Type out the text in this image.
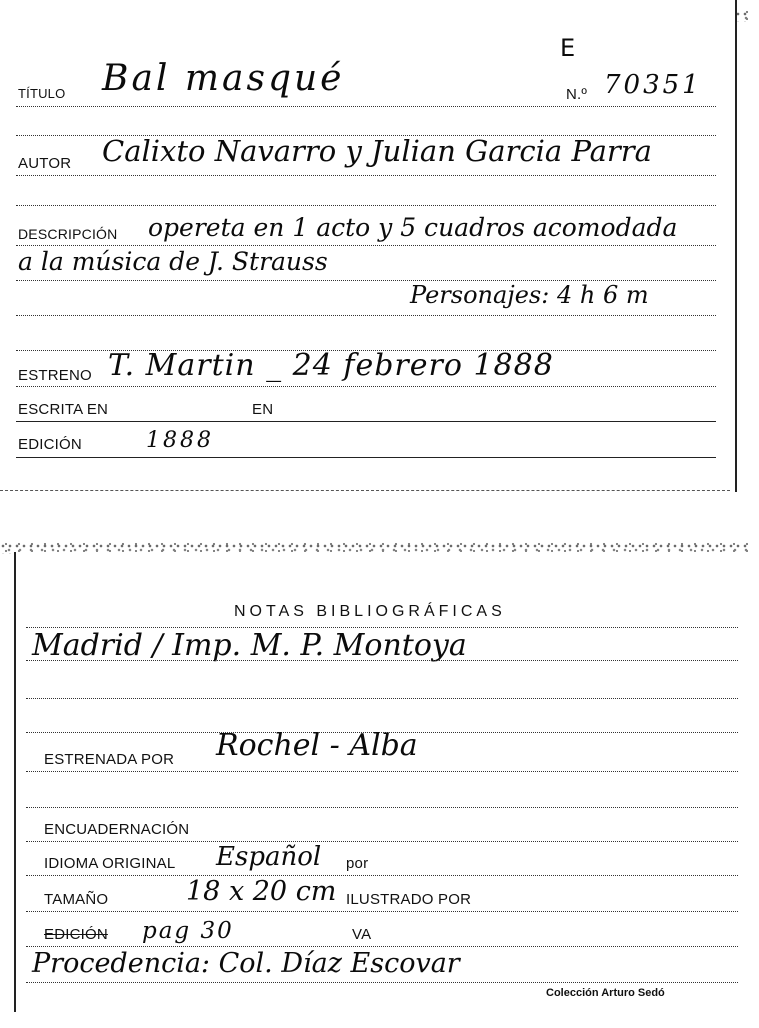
E
TÍTULO Bal masqué	N.º 70351
AUTOR Calixto Navarro y Julian Garcia Parra
DESCRIPCIÓN opereta en 1 acto y 5 cuadros acomodada
a la música de J. Strauss
Personajes: 4 h 6 m
ESTRENO T. Martin _ 24 febrero 1888
ESCRITA EN	EN
EDICIÓN	1888
NOTAS BIBLIOGRÁFICAS
Madrid / Imp. M. P. Montoya
ESTRENADA POR Rochel - Alba
ENCUADERNACIÓN
IDIOMA ORIGINAL Español por
TAMAÑO	18 x 20 cm ILUSTRADO POR
EDICIÓN pag 30	VA
Procedencia: Col. Díaz Escovar
Colección Arturo Sedó
